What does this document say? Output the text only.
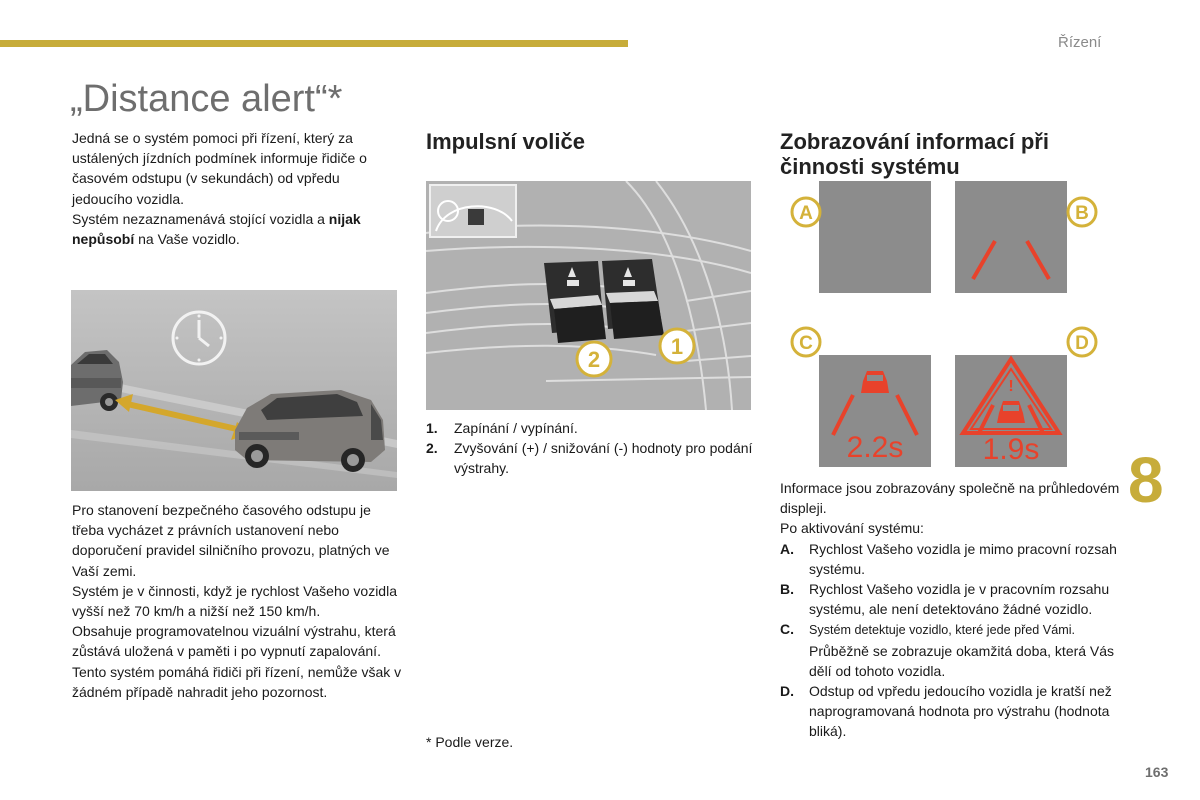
Řízení
„Distance alert“*

Jedná se o systém pomoci při řízení, který za ustálených jízdních podmínek informuje řidiče o časovém odstupu (v sekundách) od vpředu jedoucího vozidla.

Systém nezaznamenává stojící vozidla a nijak nepůsobí na Vaše vozidlo.

Pro stanovení bezpečného časového odstupu je třeba vycházet z právních ustanovení nebo doporučení pravidel silničního provozu, platných ve Vaší zemi.

Systém je v činnosti, když je rychlost Vašeho vozidla vyšší než 70 km/h a nižší než 150 km/h.

Obsahuje programovatelnou vizuální výstrahu, která zůstává uložená v paměti i po vypnutí zapalování.

Tento systém pomáhá řidiči při řízení, nemůže však v žádném případě nahradit jeho pozornost.

Impulsní voliče
2
1
1.	Zapínání / vypínání.
2.	Zvyšování (+) / snižování (-) hodnoty pro podání výstrahy.
* Podle verze.
Zobrazování informací při činnosti systému
2.2s
!
1.9s
A	B
C	D

Informace jsou zobrazovány společně na průhledovém displeji.

Po aktivování systému:

A.	Rychlost Vašeho vozidla je mimo pracovní rozsah systému.
B.	Rychlost Vašeho vozidla je v pracovním rozsahu systému, ale není detektováno žádné vozidlo.
C.	Systém detektuje vozidlo, které jede před Vámi.
Průběžně se zobrazuje okamžitá doba, která Vás dělí od tohoto vozidla.
D.	Odstup od vpředu jedoucího vozidla je kratší než naprogramovaná hodnota pro výstrahu (hodnota bliká).
8
163
